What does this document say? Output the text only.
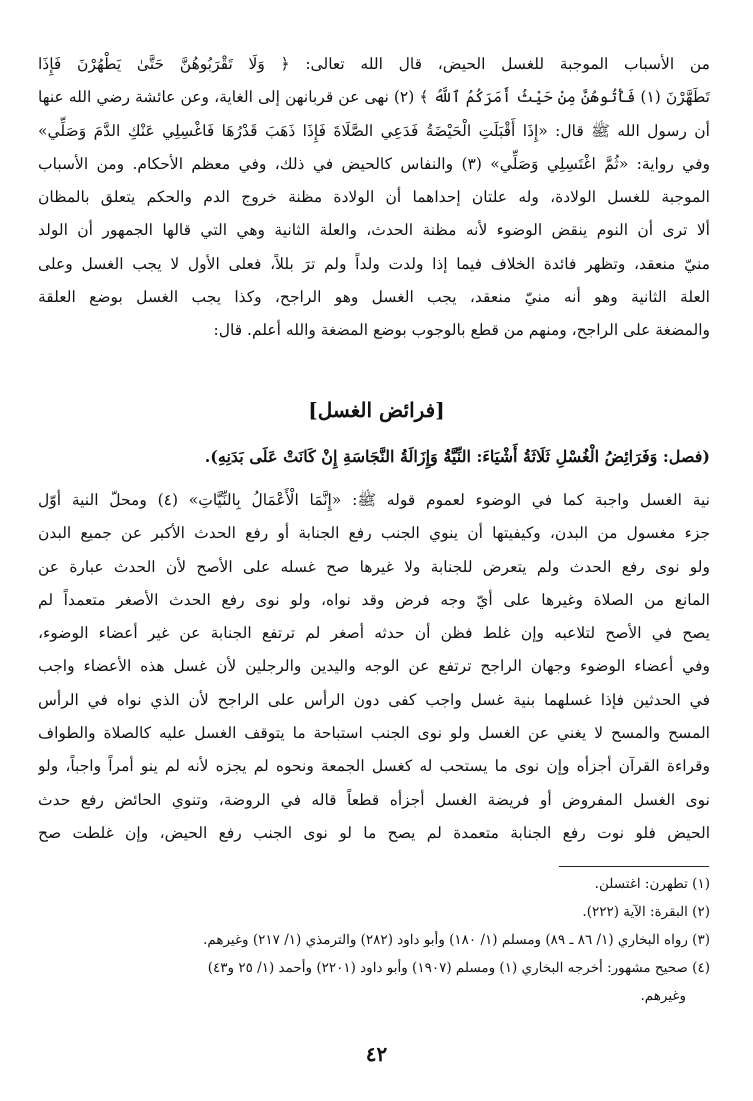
من الأسباب الموجبة للغسل الحيض، قال الله تعالى: ﴿ وَلَا تَقْرَبُوهُنَّ حَتَّىٰ يَطْهُرْنَ فَإِذَا
تَطَهَّرْنَ (١) فَأْتُوهُنَّ مِنْ حَيْثُ أَمَرَكُمُ ٱللَّهُ ﴾ (٢) نهى عن قربانهن إلى الغاية، وعن عائشة رضي الله عنها
أن رسول الله ﷺ قال: «إِذَا أَقْبَلَتِ الْحَيْضَةُ فَدَعِي الصَّلَاةَ فَإِذَا ذَهَبَ قَدْرُهَا فَاغْسِلِي عَنْكِ الدَّمَ وَصَلِّي»
وفي رواية: «ثُمَّ اغْتَسِلِي وَصَلِّي» (٣) والنفاس كالحيض في ذلك، وفي معظم الأحكام. ومن الأسباب
الموجبة للغسل الولادة، وله علتان إحداهما أن الولادة مظنة خروج الدم والحكم يتعلق بالمظان
ألا ترى أن النوم ينقض الوضوء لأنه مظنة الحدث، والعلة الثانية وهي التي قالها الجمهور أن الولد
منيّ منعقد، وتظهر فائدة الخلاف فيما إذا ولدت ولداً ولم ترَ بللاً، فعلى الأول لا يجب الغسل وعلى
العلة الثانية وهو أنه منيّ منعقد، يجب الغسل وهو الراجح، وكذا يجب الغسل بوضع العلقة
والمضغة على الراجح، ومنهم من قطع بالوجوب بوضع المضغة والله أعلم. قال:
[فرائض الغسل]
(فصل: وَفَرَائِضُ الْغُسْلِ ثَلَاثَةُ أَشْيَاءَ: النِّيَّةُ وَإِزَالَةُ النَّجَاسَةِ إِنْ كَانَتْ عَلَى بَدَنِهِ).
نية الغسل واجبة كما في الوضوء لعموم قوله ﷺ: «إِنَّمَا الْأَعْمَالُ بِالنِّيَّاتِ» (٤) ومحلّ النية أوّل
جزء مغسول من البدن، وكيفيتها أن ينوي الجنب رفع الجنابة أو رفع الحدث الأكبر عن جميع البدن
ولو نوى رفع الحدث ولم يتعرض للجنابة ولا غيرها صح غسله على الأصح لأن الحدث عبارة عن
المانع من الصلاة وغيرها على أيّ وجه فرض وقد نواه، ولو نوى رفع الحدث الأصغر متعمداً لم
يصح في الأصح لتلاعبه وإن غلط فظن أن حدثه أصغر لم ترتفع الجنابة عن غير أعضاء الوضوء،
وفي أعضاء الوضوء وجهان الراجح ترتفع عن الوجه واليدين والرجلين لأن غسل هذه الأعضاء واجب
في الحدثين فإذا غسلهما بنية غسل واجب كفى دون الرأس على الراجح لأن الذي نواه في الرأس
المسح والمسح لا يغني عن الغسل ولو نوى الجنب استباحة ما يتوقف الغسل عليه كالصلاة والطواف
وقراءة القرآن أجزأه وإن نوى ما يستحب له كغسل الجمعة ونحوه لم يجزه لأنه لم ينو أمراً واجباً، ولو
نوى الغسل المفروض أو فريضة الغسل أجزأه قطعاً قاله في الروضة، وتنوي الحائض رفع حدث
الحيض فلو نوت رفع الجنابة متعمدة لم يصح ما لو نوى الجنب رفع الحيض، وإن غلطت صح
(١) تطهرن: اغتسلن.
(٢) البقرة: الآية (٢٢٢).
(٣) رواه البخاري (١/ ٨٦ ـ ٨٩) ومسلم (١/ ١٨٠) وأبو داود (٢٨٢) والترمذي (١/ ٢١٧) وغيرهم.
(٤) صحيح مشهور: أخرجه البخاري (١) ومسلم (١٩٠٧) وأبو داود (٢٢٠١) وأحمد (١/ ٢٥ و٤٣)
وغيرهم.
٤٢
